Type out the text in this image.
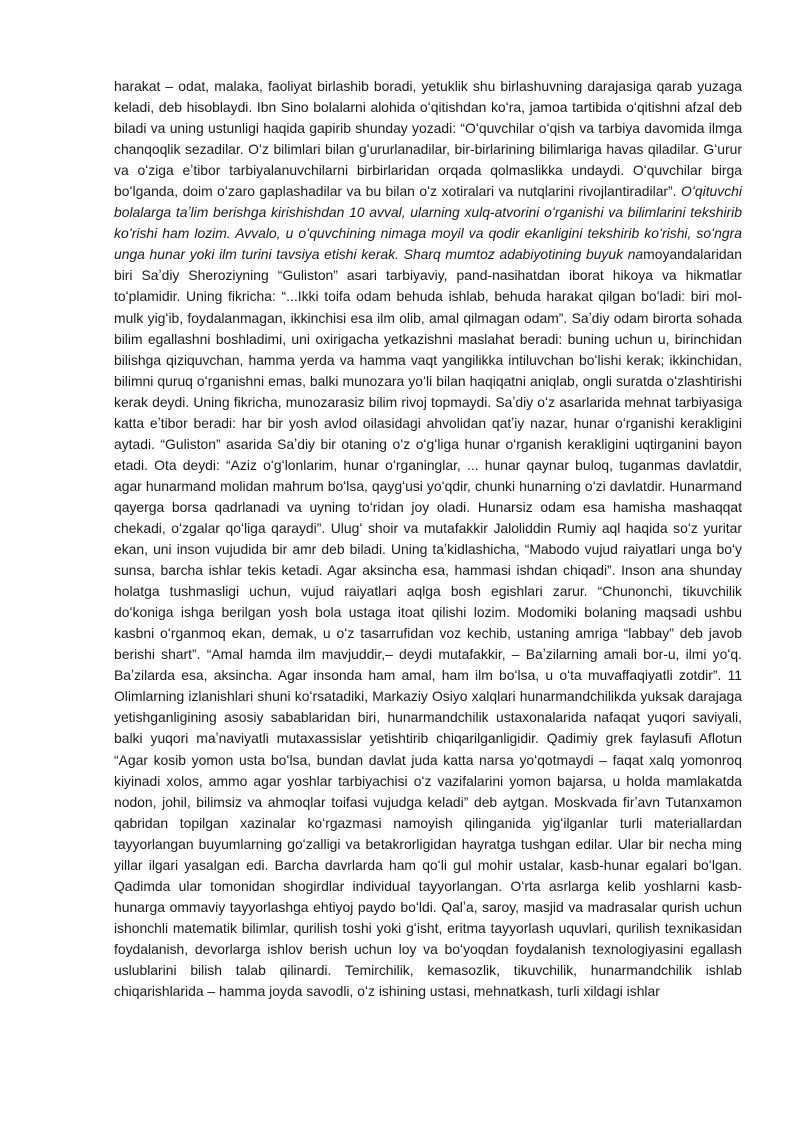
harakat – odat, malaka, faoliyat birlashib boradi, yetuklik shu birlashuvning darajasiga qarab yuzaga keladi, deb hisoblaydi. Ibn Sino bolalarni alohida oʻqitishdan koʻra, jamoa tartibida oʻqitishni afzal deb biladi va uning ustunligi haqida gapirib shunday yozadi: “Oʻquvchilar oʻqish va tarbiya davomida ilmga chanqoqlik sezadilar. Oʻz bilimlari bilan gʻururlanadilar, bir-birlarining bilimlariga havas qiladilar. Gʻurur va oʻziga eʼtibor tarbiyalanuvchilarni birbirlaridan orqada qolmaslikka undaydi. Oʻquvchilar birga boʻlganda, doim oʻzaro gaplashadilar va bu bilan oʻz xotiralari va nutqlarini rivojlantiradilar”. Oʻqituvchi bolalarga taʼlim berishga kirishishdan 10 avval, ularning xulq-atvorini oʻrganishi va bilimlarini tekshirib koʻrishi ham lozim. Avvalo, u oʻquvchining nimaga moyil va qodir ekanligini tekshirib koʻrishi, soʻngra unga hunar yoki ilm turini tavsiya etishi kerak. Sharq mumtoz adabiyotining buyuk namoyandalaridan biri Saʼdiy Sheroziyning “Guliston” asari tarbiyaviy, pand-nasihatdan iborat hikoya va hikmatlar toʻplamidir. Uning fikricha: “...Ikki toifa odam behuda ishlab, behuda harakat qilgan boʻladi: biri mol-mulk yigʻib, foydalanmagan, ikkinchisi esa ilm olib, amal qilmagan odam”. Saʼdiy odam birorta sohada bilim egallashni boshladimi, uni oxirigacha yetkazishni maslahat beradi: buning uchun u, birinchidan bilishga qiziquvchan, hamma yerda va hamma vaqt yangilikka intiluvchan boʻlishi kerak; ikkinchidan, bilimni quruq oʻrganishni emas, balki munozara yoʻli bilan haqiqatni aniqlab, ongli suratda oʻzlashtirishi kerak deydi. Uning fikricha, munozarasiz bilim rivoj topmaydi. Saʼdiy oʻz asarlarida mehnat tarbiyasiga katta eʼtibor beradi: har bir yosh avlod oilasidagi ahvolidan qatʼiy nazar, hunar oʻrganishi kerakligini aytadi. “Guliston” asarida Saʼdiy bir otaning oʻz oʻgʻliga hunar oʻrganish kerakligini uqtirganini bayon etadi. Ota deydi: “Aziz oʻgʻlonlarim, hunar oʻrganinglar, ... hunar qaynar buloq, tuganmas davlatdir, agar hunarmand molidan mahrum boʻlsa, qaygʻusi yoʻqdir, chunki hunarning oʻzi davlatdir. Hunarmand qayerga borsa qadrlanadi va uyning toʻridan joy oladi. Hunarsiz odam esa hamisha mashaqqat chekadi, oʻzgalar qoʻliga qaraydi”. Ulugʻ shoir va mutafakkir Jaloliddin Rumiy aql haqida soʻz yuritar ekan, uni inson vujudida bir amr deb biladi. Uning taʼkidlashicha, “Mabodo vujud raiyatlari unga boʻy sunsa, barcha ishlar tekis ketadi. Agar aksincha esa, hammasi ishdan chiqadi”. Inson ana shunday holatga tushmasligi uchun, vujud raiyatlari aqlga bosh egishlari zarur. “Chunonchi, tikuvchilik doʻkoniga ishga berilgan yosh bola ustaga itoat qilishi lozim. Modomiki bolaning maqsadi ushbu kasbni oʻrganmoq ekan, demak, u oʻz tasarrufidan voz kechib, ustaning amriga “labbay” deb javob berishi shart”. “Amal hamda ilm mavjuddir,– deydi mutafakkir, – Baʼzilarning amali bor-u, ilmi yoʻq. Baʼzilarda esa, aksincha. Agar insonda ham amal, ham ilm boʻlsa, u oʻta muvaffaqiyatli zotdir”. 11 Olimlarning izlanishlari shuni koʻrsatadiki, Markaziy Osiyo xalqlari hunarmandchilikda yuksak darajaga yetishganligining asosiy sabablaridan biri, hunarmandchilik ustaxonalarida nafaqat yuqori saviyali, balki yuqori maʼnaviyatli mutaxassislar yetishtirib chiqarilganligidir. Qadimiy grek faylasufi Aflotun “Agar kosib yomon usta boʻlsa, bundan davlat juda katta narsa yoʻqotmaydi – faqat xalq yomonroq kiyinadi xolos, ammo agar yoshlar tarbiyachisi oʻz vazifalarini yomon bajarsa, u holda mamlakatda nodon, johil, bilimsiz va ahmoqlar toifasi vujudga keladi” deb aytgan. Moskvada firʼavn Tutanxamon qabridan topilgan xazinalar koʻrgazmasi namoyish qilinganida yigʻilganlar turli materiallardan tayyorlangan buyumlarning goʻzalligi va betakrorligidan hayratga tushgan edilar. Ular bir necha ming yillar ilgari yasalgan edi. Barcha davrlarda ham qoʻli gul mohir ustalar, kasb-hunar egalari boʻlgan. Qadimda ular tomonidan shogirdlar individual tayyorlangan. Oʻrta asrlarga kelib yoshlarni kasb-hunarga ommaviy tayyorlashga ehtiyoj paydo boʻldi. Qalʼa, saroy, masjid va madrasalar qurish uchun ishonchli matematik bilimlar, qurilish toshi yoki gʻisht, eritma tayyorlash uquvlari, qurilish texnikasidan foydalanish, devorlarga ishlov berish uchun loy va boʻyoqdan foydalanish texnologiyasini egallash uslublarini bilish talab qilinardi. Temirchilik, kemasozlik, tikuvchilik, hunarmandchilik ishlab chiqarishlarida – hamma joyda savodli, oʻz ishining ustasi, mehnatkash, turli xildagi ishlar
